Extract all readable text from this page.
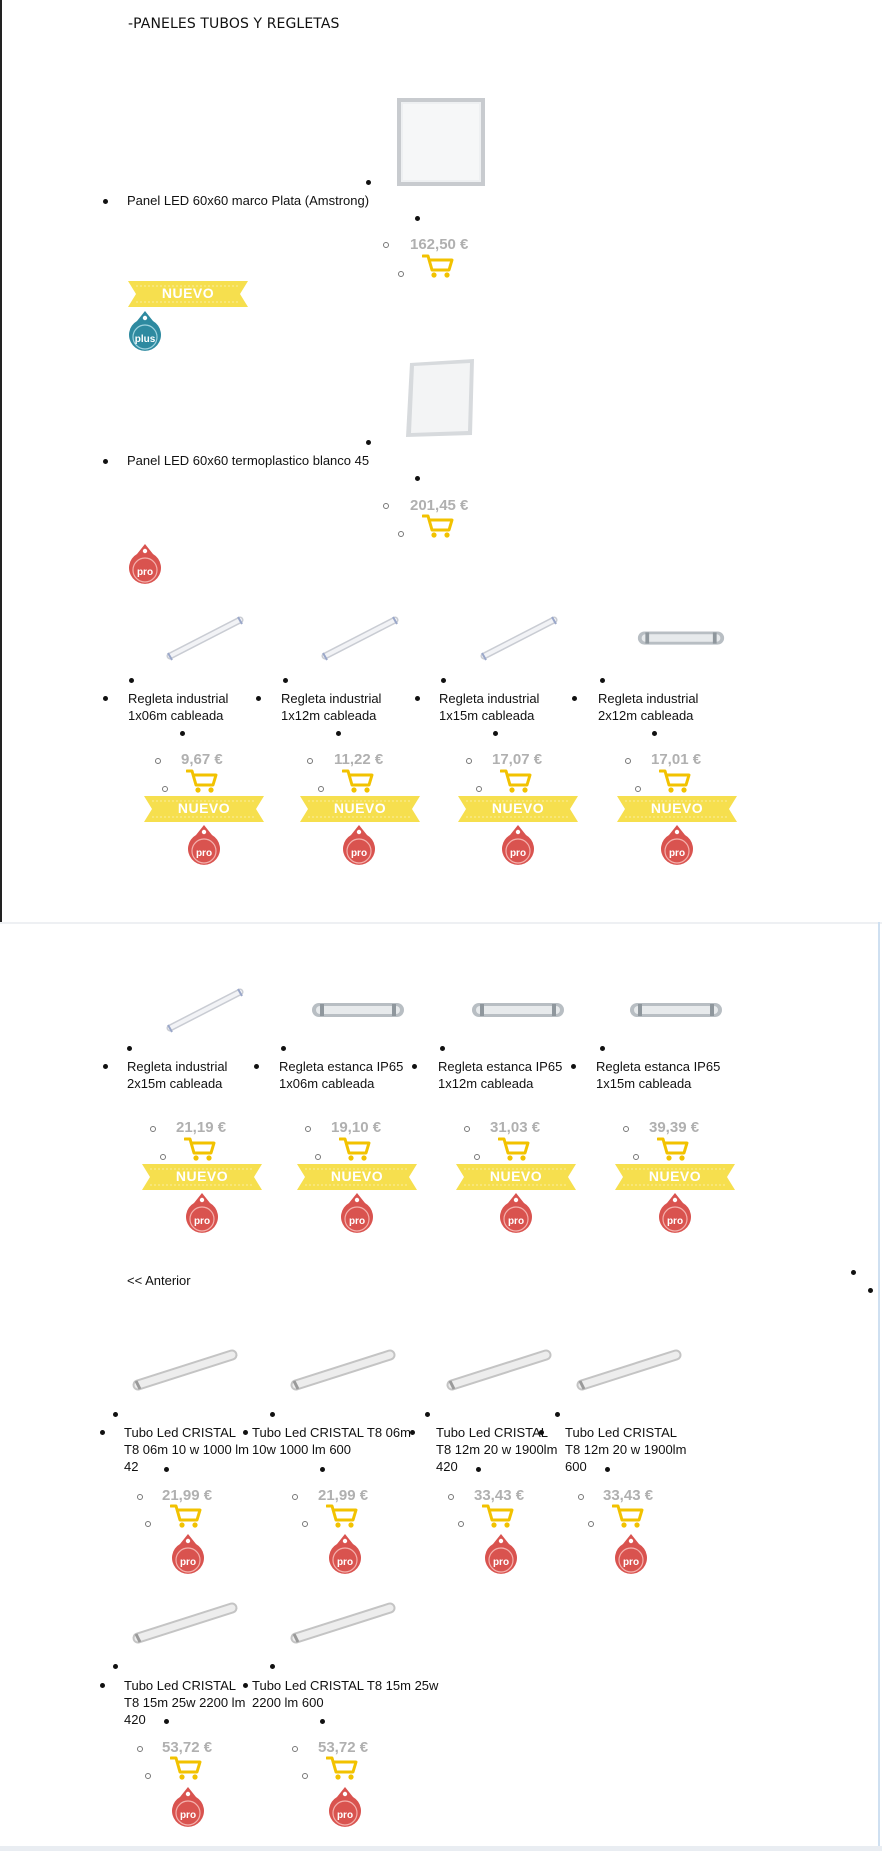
-PANELES TUBOS Y REGLETAS
Panel LED 60x60 marco Plata (Amstrong)
162,50 €
NUEVO
plus
Panel LED 60x60 termoplastico blanco 45
201,45 €
pro
Regleta industrial 1x06m cableada
9,67 €
NUEVO
pro
Regleta industrial 1x12m cableada
11,22 €
NUEVO
pro
Regleta industrial 1x15m cableada
17,07 €
NUEVO
pro
Regleta industrial 2x12m cableada
17,01 €
NUEVO
pro
Regleta industrial 2x15m cableada
21,19 €
NUEVO
pro
Regleta estanca IP65 1x06m cableada
19,10 €
NUEVO
pro
Regleta estanca IP65 1x12m cableada
31,03 €
NUEVO
pro
Regleta estanca IP65 1x15m cableada
39,39 €
NUEVO
pro
<< Anterior
Tubo Led CRISTAL T8 06m 10 w 1000 lm 42
21,99 €
pro
Tubo Led CRISTAL T8 06m 10w 1000 lm 600
21,99 €
pro
Tubo Led CRISTAL T8 12m 20 w 1900lm 420
33,43 €
pro
Tubo Led CRISTAL T8 12m 20 w 1900lm 600
33,43 €
pro
Tubo Led CRISTAL T8 15m 25w 2200 lm 420
53,72 €
pro
Tubo Led CRISTAL T8 15m 25w 2200 lm 600
53,72 €
pro
